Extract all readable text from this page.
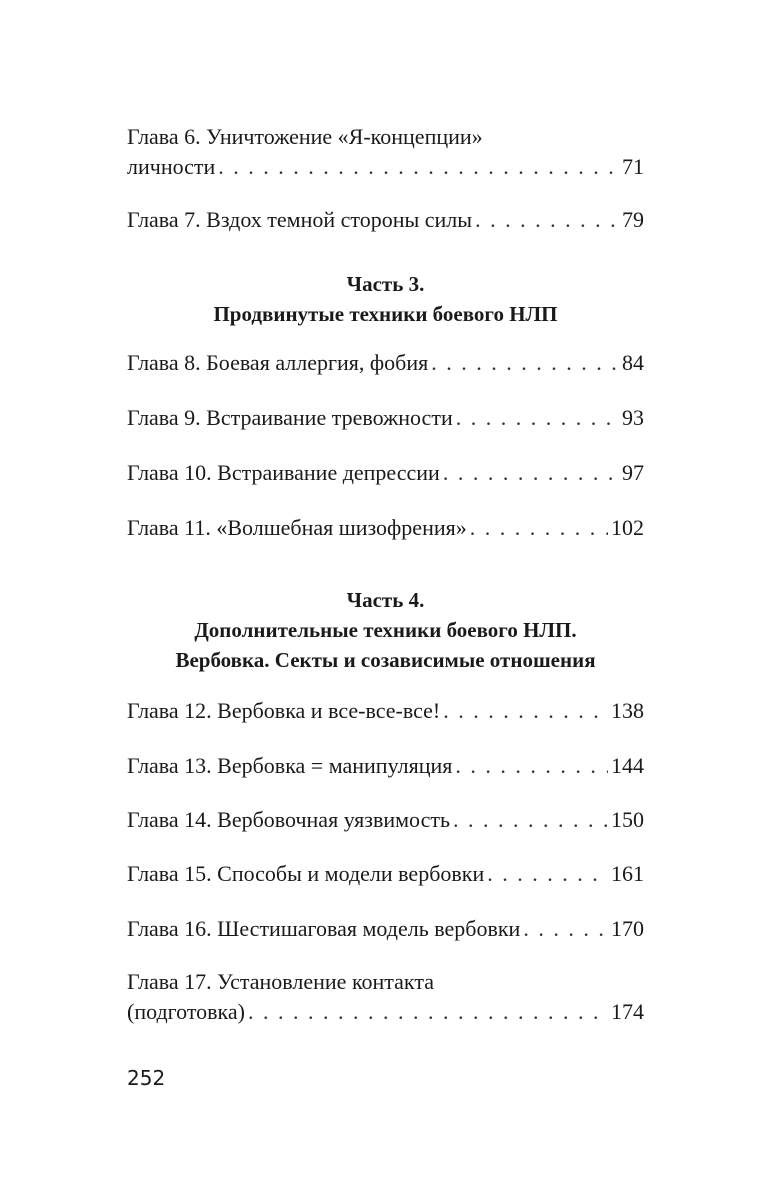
Глава 6. Уничтожение «Я-концепции»
личности . . .	71
Глава 7. Вздох темной стороны силы . . .	79
Часть 3.
Продвинутые техники боевого НЛП
Глава 8. Боевая аллергия, фобия . . .	84
Глава 9. Встраивание тревожности . . .	93
Глава 10. Встраивание депрессии . . .	97
Глава 11. «Волшебная шизофрения» . . .	102
Часть 4.
Дополнительные техники боевого НЛП.
Вербовка. Секты и созависимые отношения
Глава 12. Вербовка и все-все-все! . . .	138
Глава 13. Вербовка = манипуляция . . .	144
Глава 14. Вербовочная уязвимость . . .	150
Глава 15. Способы и модели вербовки . . .	161
Глава 16. Шестишаговая модель вербовки . . .	170
Глава 17. Установление контакта
(подготовка) . . .	174
252
